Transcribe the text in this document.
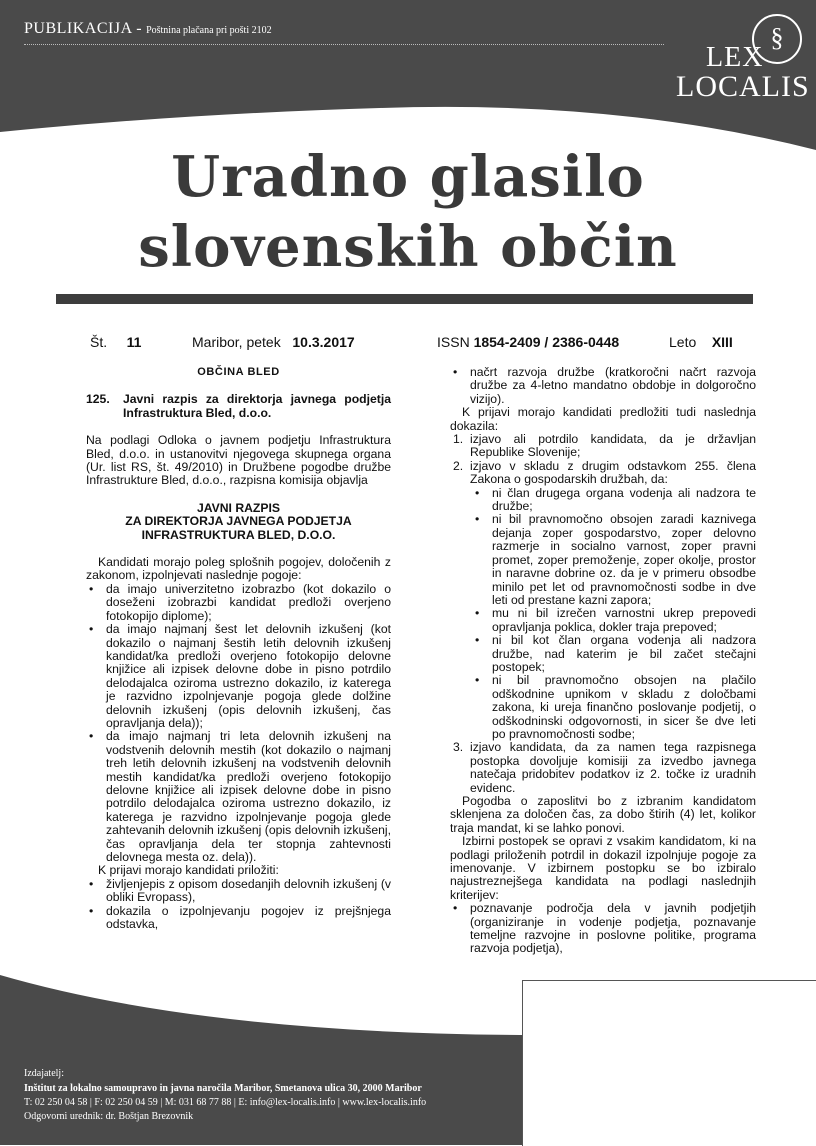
PUBLIKACIJA - Poštnina plačana pri pošti 2102	§
LEX
LOCALIS
Uradno glasilo
slovenskih občin
Št. 11	Maribor, petek 10.3.2017	ISSN 1854-2409 / 2386-0448	Leto XIII

OBČINA BLED

125. Javni razpis za direktorja javnega podjetja Infrastruktura Bled, d.o.o.

Na podlagi Odloka o javnem podjetju Infrastruktura Bled, d.o.o. in ustanovitvi njegovega skupnega organa (Ur. list RS, št. 49/2010) in Družbene pogodbe družbe Infrastrukture Bled, d.o.o., razpisna komisija objavlja

JAVNI RAZPIS

ZA DIREKTORJA JAVNEGA PODJETJA

INFRASTRUKTURA BLED, D.O.O.

Kandidati morajo poleg splošnih pogojev, določenih z zakonom, izpolnjevati naslednje pogoje:

• da imajo univerzitetno izobrazbo (kot dokazilo o doseženi izobrazbi kandidat predloži overjeno fotokopijo diplome);

• da imajo najmanj šest let delovnih izkušenj (kot dokazilo o najmanj šestih letih delovnih izkušenj kandidat/ka predloži overjeno fotokopijo delovne knjižice ali izpisek delovne dobe in pisno potrdilo delodajalca oziroma ustrezno dokazilo, iz katerega je razvidno izpolnjevanje pogoja glede dolžine delovnih izkušenj (opis delovnih izkušenj, čas opravljanja dela));

• da imajo najmanj tri leta delovnih izkušenj na vodstvenih delovnih mestih (kot dokazilo o najmanj treh letih delovnih izkušenj na vodstvenih delovnih mestih kandidat/ka predloži overjeno fotokopijo delovne knjižice ali izpisek delovne dobe in pisno potrdilo delodajalca oziroma ustrezno dokazilo, iz katerega je razvidno izpolnjevanje pogoja glede zahtevanih delovnih izkušenj (opis delovnih izkušenj, čas opravljanja dela ter stopnja zahtevnosti delovnega mesta oz. dela)).

K prijavi morajo kandidati priložiti:

• življenjepis z opisom dosedanjih delovnih izkušenj (v obliki Evropass),

• dokazila o izpolnjevanju pogojev iz prejšnjega odstavka,

• načrt razvoja družbe (kratkoročni načrt razvoja družbe za 4-letno mandatno obdobje in dolgoročno vizijo).

K prijavi morajo kandidati predložiti tudi naslednja dokazila:

1. izjavo ali potrdilo kandidata, da je državljan Republike Slovenije;
2. izjavo v skladu z drugim odstavkom 255. člena Zakona o gospodarskih družbah, da:

• ni član drugega organa vodenja ali nadzora te družbe;

• ni bil pravnomočno obsojen zaradi kaznivega dejanja zoper gospodarstvo, zoper delovno razmerje in socialno varnost, zoper pravni promet, zoper premoženje, zoper okolje, prostor in naravne dobrine oz. da je v primeru obsodbe minilo pet let od pravnomočnosti sodbe in dve leti od prestane kazni zapora;

• mu ni bil izrečen varnostni ukrep prepovedi opravljanja poklica, dokler traja prepoved;

• ni bil kot član organa vodenja ali nadzora družbe, nad katerim je bil začet stečajni postopek;

• ni bil pravnomočno obsojen na plačilo odškodnine upnikom v skladu z določbami zakona, ki ureja finančno poslovanje podjetij, o odškodninski odgovornosti, in sicer še dve leti po pravnomočnosti sodbe;

3. izjavo kandidata, da za namen tega razpisnega postopka dovoljuje komisiji za izvedbo javnega natečaja pridobitev podatkov iz 2. točke iz uradnih evidenc.

Pogodba o zaposlitvi bo z izbranim kandidatom sklenjena za določen čas, za dobo štirih (4) let, kolikor traja mandat, ki se lahko ponovi.

Izbirni postopek se opravi z vsakim kandidatom, ki na podlagi priloženih potrdil in dokazil izpolnjuje pogoje za imenovanje. V izbirnem postopku se bo izbiralo najustreznejšega kandidata na podlagi naslednjih kriterijev:

• poznavanje področja dela v javnih podjetjih (organiziranje in vodenje podjetja, poznavanje temeljne razvojne in poslovne politike, programa razvoja podjetja),

Izdajatelj:
Inštitut za lokalno samoupravo in javna naročila Maribor, Smetanova ulica 30, 2000 Maribor
T: 02 250 04 58 | F: 02 250 04 59 | M: 031 68 77 88 | E: info@lex-localis.info | www.lex-localis.info
Odgovorni urednik: dr. Boštjan Brezovnik
